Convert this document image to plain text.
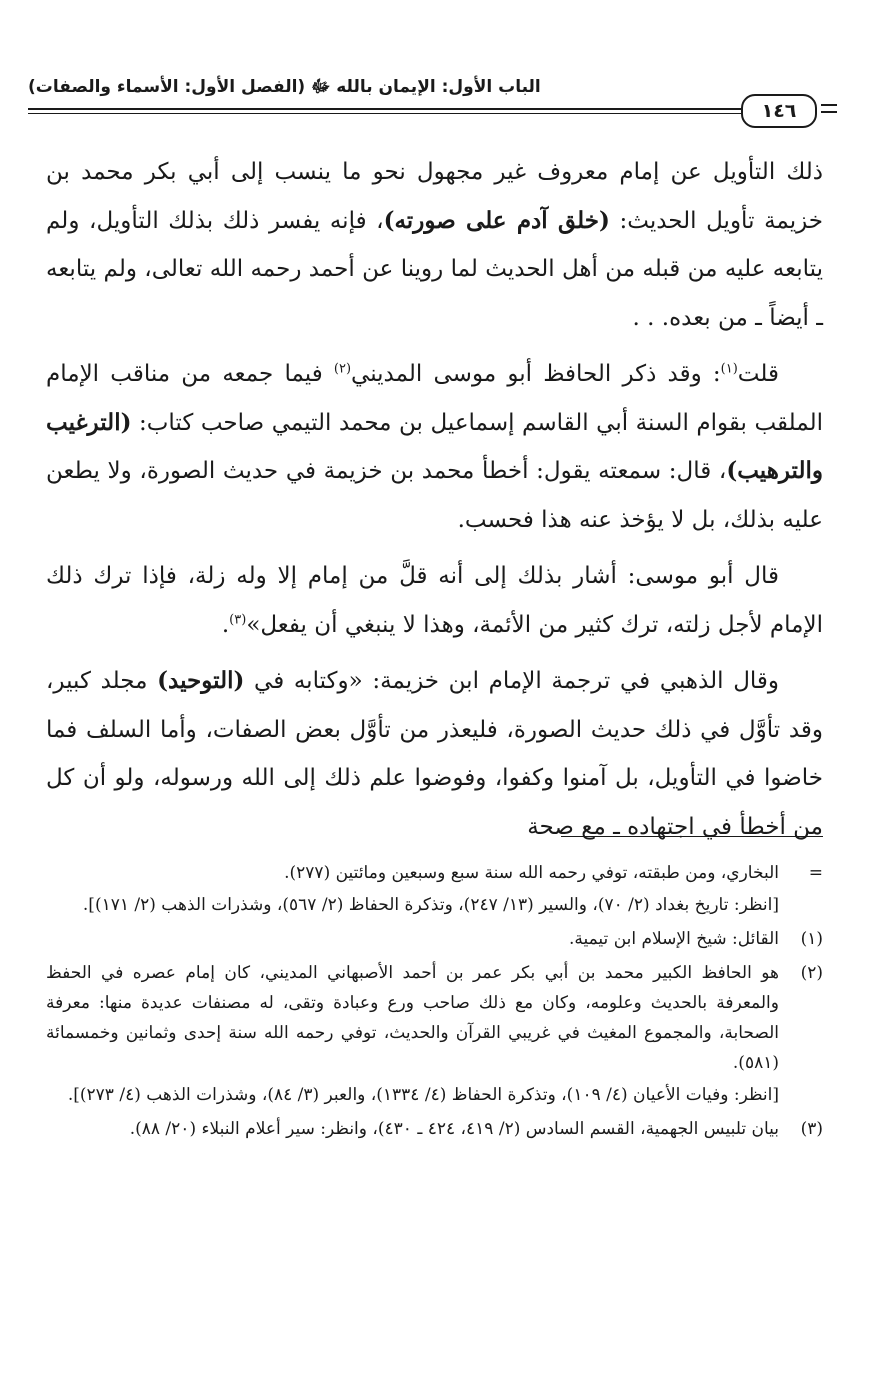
الباب الأول: الإيمان بالله ﷻ (الفصل الأول: الأسماء والصفات)
١٤٦

ذلك التأويل عن إمام معروف غير مجهول نحو ما ينسب إلى أبي بكر محمد بن خزيمة تأويل الحديث: (خلق آدم على صورته)، فإنه يفسر ذلك بذلك التأويل، ولم يتابعه عليه من قبله من أهل الحديث لما روينا عن أحمد رحمه الله تعالى، ولم يتابعه ـ أيضاً ـ من بعده. . .

قلت$^{(١)}$: وقد ذكر الحافظ أبو موسى المديني$^{(٢)}$ فيما جمعه من مناقب الإمام الملقب بقوام السنة أبي القاسم إسماعيل بن محمد التيمي صاحب كتاب: (الترغيب والترهيب)، قال: سمعته يقول: أخطأ محمد بن خزيمة في حديث الصورة، ولا يطعن عليه بذلك، بل لا يؤخذ عنه هذا فحسب.

قال أبو موسى: أشار بذلك إلى أنه قلَّ من إمام إلا وله زلة، فإذا ترك ذلك الإمام لأجل زلته، ترك كثير من الأئمة، وهذا لا ينبغي أن يفعل»$^{(٣)}$.

وقال الذهبي في ترجمة الإمام ابن خزيمة: «وكتابه في (التوحيد) مجلد كبير، وقد تأوَّل في ذلك حديث الصورة، فليعذر من تأوَّل بعض الصفات، وأما السلف فما خاضوا في التأويل، بل آمنوا وكفوا، وفوضوا علم ذلك إلى الله ورسوله، ولو أن كل من أخطأ في اجتهاده ـ مع صحة

=

البخاري، ومن طبقته، توفي رحمه الله سنة سبع وسبعين ومائتين (٢٧٧).

[انظر: تاريخ بغداد (٢/ ٧٠)، والسير (١٣/ ٢٤٧)، وتذكرة الحفاظ (٢/ ٥٦٧)، وشذرات الذهب (٢/ ١٧١)].

(١)

القائل: شيخ الإسلام ابن تيمية.

(٢)

هو الحافظ الكبير محمد بن أبي بكر عمر بن أحمد الأصبهاني المديني، كان إمام عصره في الحفظ والمعرفة بالحديث وعلومه، وكان مع ذلك صاحب ورع وعبادة وتقى، له مصنفات عديدة منها: معرفة الصحابة، والمجموع المغيث في غريبي القرآن والحديث، توفي رحمه الله سنة إحدى وثمانين وخمسمائة (٥٨١).

[انظر: وفيات الأعيان (٤/ ١٠٩)، وتذكرة الحفاظ (٤/ ١٣٣٤)، والعبر (٣/ ٨٤)، وشذرات الذهب (٤/ ٢٧٣)].

(٣)

بيان تلبيس الجهمية، القسم السادس (٢/ ٤١٩، ٤٢٤ ـ ٤٣٠)، وانظر: سير أعلام النبلاء (٢٠/ ٨٨).
